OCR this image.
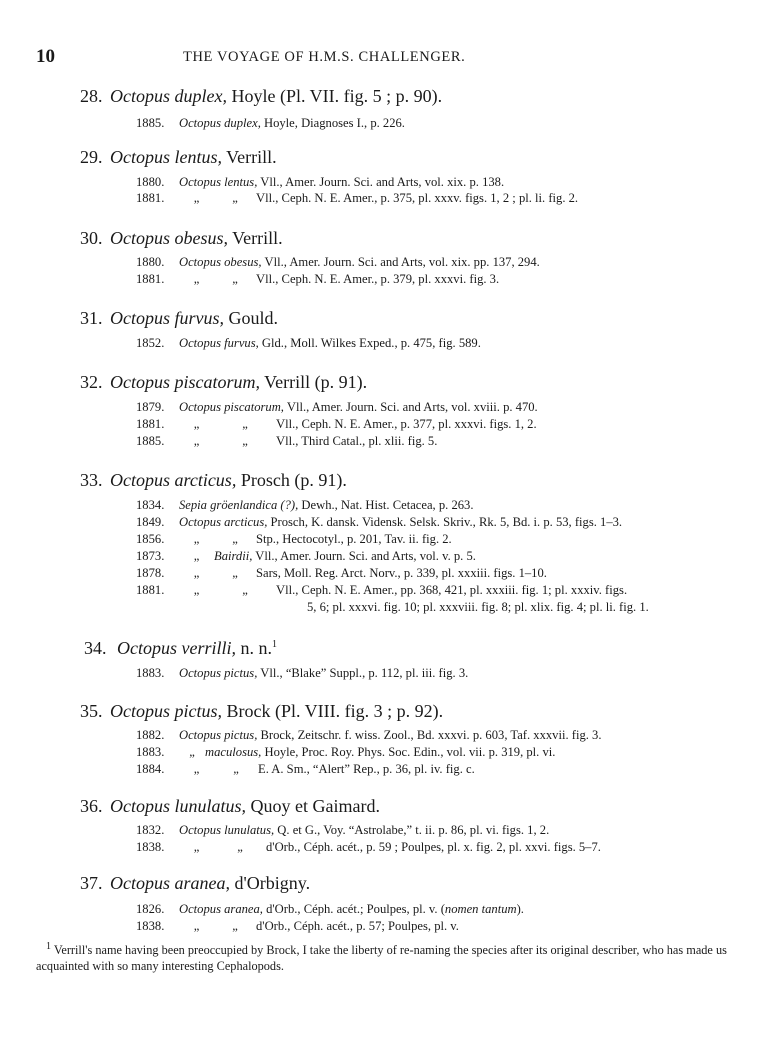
10	THE VOYAGE OF H.M.S. CHALLENGER.
28. Octopus duplex, Hoyle (Pl. VII. fig. 5 ; p. 90).
1885. Octopus duplex, Hoyle, Diagnoses I., p. 226.
29. Octopus lentus, Verrill.
1880. Octopus lentus, Vll., Amer. Journ. Sci. and Arts, vol. xix. p. 138.
1881. „	„ Vll., Ceph. N. E. Amer., p. 375, pl. xxxv. figs. 1, 2 ; pl. li. fig. 2.
30. Octopus obesus, Verrill.
1880. Octopus obesus, Vll., Amer. Journ. Sci. and Arts, vol. xix. pp. 137, 294.
1881. „	„ Vll., Ceph. N. E. Amer., p. 379, pl. xxxvi. fig. 3.
31. Octopus furvus, Gould.
1852. Octopus furvus, Gld., Moll. Wilkes Exped., p. 475, fig. 589.
32. Octopus piscatorum, Verrill (p. 91).
1879. Octopus piscatorum, Vll., Amer. Journ. Sci. and Arts, vol. xviii. p. 470.
1881. „	„ Vll., Ceph. N. E. Amer., p. 377, pl. xxxvi. figs. 1, 2.
1885. „	„ Vll., Third Catal., pl. xlii. fig. 5.
33. Octopus arcticus, Prosch (p. 91).
1834. Sepia gröenlandica (?), Dewh., Nat. Hist. Cetacea, p. 263.
1849. Octopus arcticus, Prosch, K. dansk. Vidensk. Selsk. Skriv., Rk. 5, Bd. i. p. 53, figs. 1–3.
1856. „	„ Stp., Hectocotyl., p. 201, Tav. ii. fig. 2.
1873. „ Bairdii, Vll., Amer. Journ. Sci. and Arts, vol. v. p. 5.
1878. „	„ Sars, Moll. Reg. Arct. Norv., p. 339, pl. xxxiii. figs. 1–10.
1881. „	„ Vll., Ceph. N. E. Amer., pp. 368, 421, pl. xxxiii. fig. 1; pl. xxxiv. figs.
5, 6; pl. xxxvi. fig. 10; pl. xxxviii. fig. 8; pl. xlix. fig. 4; pl. li. fig. 1.
34. Octopus verrilli, n. n.$^1$
1883. Octopus pictus, Vll., “Blake” Suppl., p. 112, pl. iii. fig. 3.
35. Octopus pictus, Brock (Pl. VIII. fig. 3 ; p. 92).
1882. Octopus pictus, Brock, Zeitschr. f. wiss. Zool., Bd. xxxvi. p. 603, Taf. xxxvii. fig. 3.
1883. „ maculosus, Hoyle, Proc. Roy. Phys. Soc. Edin., vol. vii. p. 319, pl. vi.
1884. „	„ E. A. Sm., “Alert” Rep., p. 36, pl. iv. fig. c.
36. Octopus lunulatus, Quoy et Gaimard.
1832. Octopus lunulatus, Q. et G., Voy. “Astrolabe,” t. ii. p. 86, pl. vi. figs. 1, 2.
1838. „	„ d'Orb., Céph. acét., p. 59 ; Poulpes, pl. x. fig. 2, pl. xxvi. figs. 5–7.
37. Octopus aranea, d'Orbigny.
1826. Octopus aranea, d'Orb., Céph. acét.; Poulpes, pl. v. (nomen tantum).
1838. „	„ d'Orb., Céph. acét., p. 57; Poulpes, pl. v.
$^1$ Verrill's name having been preoccupied by Brock, I take the liberty of re-naming the species after its original describer, who has made us acquainted with so many interesting Cephalopods.
